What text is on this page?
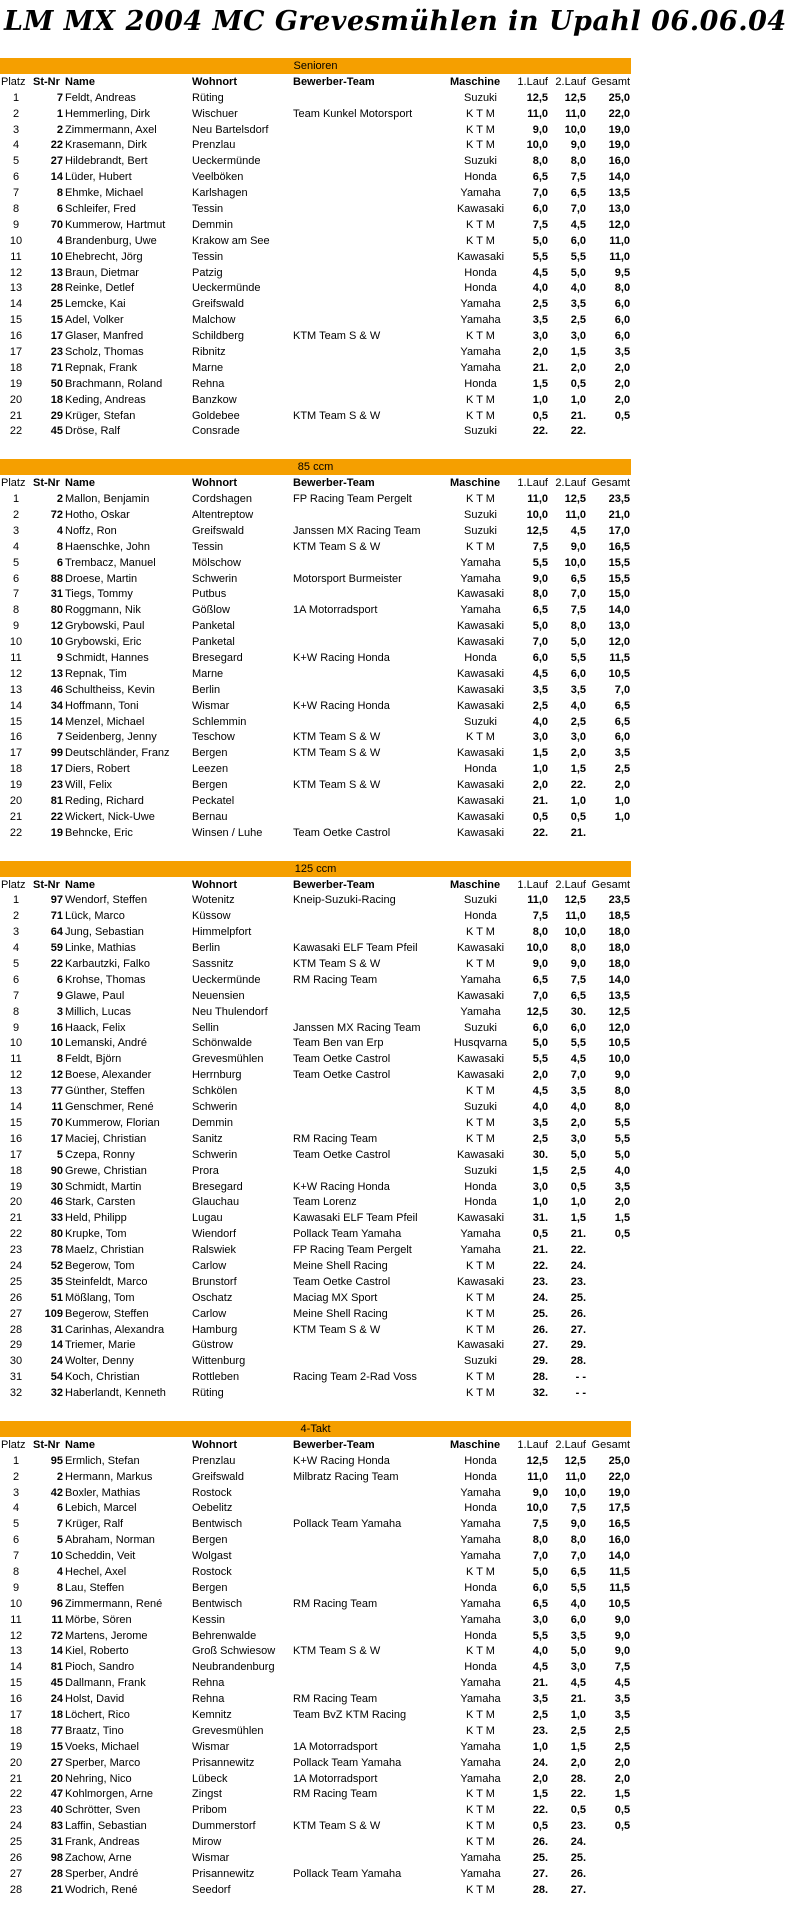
LM MX 2004 MC Grevesmühlen in Upahl 06.06.04
Senioren								
Platz	St-Nr	Name	Wohnort	Bewerber-Team	Maschine	1.Lauf	2.Lauf	Gesamt
1	7	Feldt, Andreas	Rüting		Suzuki	12,5	12,5	25,0
2	1	Hemmerling, Dirk	Wischuer	Team Kunkel Motorsport	K T M	11,0	11,0	22,0
3	2	Zimmermann, Axel	Neu Bartelsdorf		K T M	9,0	10,0	19,0
4	22	Krasemann, Dirk	Prenzlau		K T M	10,0	9,0	19,0
5	27	Hildebrandt, Bert	Ueckermünde		Suzuki	8,0	8,0	16,0
6	14	Lüder, Hubert	Veelböken		Honda	6,5	7,5	14,0
7	8	Ehmke, Michael	Karlshagen		Yamaha	7,0	6,5	13,5
8	6	Schleifer, Fred	Tessin		Kawasaki	6,0	7,0	13,0
9	70	Kummerow, Hartmut	Demmin		K T M	7,5	4,5	12,0
10	4	Brandenburg, Uwe	Krakow am See		K T M	5,0	6,0	11,0
11	10	Ehebrecht, Jörg	Tessin		Kawasaki	5,5	5,5	11,0
12	13	Braun, Dietmar	Patzig		Honda	4,5	5,0	9,5
13	28	Reinke, Detlef	Ueckermünde		Honda	4,0	4,0	8,0
14	25	Lemcke, Kai	Greifswald		Yamaha	2,5	3,5	6,0
15	15	Adel, Volker	Malchow		Yamaha	3,5	2,5	6,0
16	17	Glaser, Manfred	Schildberg	KTM Team S & W	K T M	3,0	3,0	6,0
17	23	Scholz, Thomas	Ribnitz		Yamaha	2,0	1,5	3,5
18	71	Repnak, Frank	Marne		Yamaha	21.	2,0	2,0
19	50	Brachmann, Roland	Rehna		Honda	1,5	0,5	2,0
20	18	Keding, Andreas	Banzkow		K T M	1,0	1,0	2,0
21	29	Krüger, Stefan	Goldebee	KTM Team S & W	K T M	0,5	21.	0,5
22	45	Dröse, Ralf	Consrade		Suzuki	22.	22.	

85 ccm								
Platz	St-Nr	Name	Wohnort	Bewerber-Team	Maschine	1.Lauf	2.Lauf	Gesamt
1	2	Mallon, Benjamin	Cordshagen	FP Racing Team Pergelt	K T M	11,0	12,5	23,5
2	72	Hotho, Oskar	Altentreptow		Suzuki	10,0	11,0	21,0
3	4	Noffz, Ron	Greifswald	Janssen MX Racing Team	Suzuki	12,5	4,5	17,0
4	8	Haenschke, John	Tessin	KTM Team S & W	K T M	7,5	9,0	16,5
5	6	Trembacz, Manuel	Mölschow		Yamaha	5,5	10,0	15,5
6	88	Droese, Martin	Schwerin	Motorsport Burmeister	Yamaha	9,0	6,5	15,5
7	31	Tiegs, Tommy	Putbus		Kawasaki	8,0	7,0	15,0
8	80	Roggmann, Nik	Gößlow	1A Motorradsport	Yamaha	6,5	7,5	14,0
9	12	Grybowski, Paul	Panketal		Kawasaki	5,0	8,0	13,0
10	10	Grybowski, Eric	Panketal		Kawasaki	7,0	5,0	12,0
11	9	Schmidt, Hannes	Bresegard	K+W Racing Honda	Honda	6,0	5,5	11,5
12	13	Repnak, Tim	Marne		Kawasaki	4,5	6,0	10,5
13	46	Schultheiss, Kevin	Berlin		Kawasaki	3,5	3,5	7,0
14	34	Hoffmann, Toni	Wismar	K+W Racing Honda	Kawasaki	2,5	4,0	6,5
15	14	Menzel, Michael	Schlemmin		Suzuki	4,0	2,5	6,5
16	7	Seidenberg, Jenny	Teschow	KTM Team S & W	K T M	3,0	3,0	6,0
17	99	Deutschländer, Franz	Bergen	KTM Team S & W	Kawasaki	1,5	2,0	3,5
18	17	Diers, Robert	Leezen		Honda	1,0	1,5	2,5
19	23	Will, Felix	Bergen	KTM Team S & W	Kawasaki	2,0	22.	2,0
20	81	Reding, Richard	Peckatel		Kawasaki	21.	1,0	1,0
21	22	Wickert, Nick-Uwe	Bernau		Kawasaki	0,5	0,5	1,0
22	19	Behncke, Eric	Winsen / Luhe	Team Oetke Castrol	Kawasaki	22.	21.	

125 ccm								
Platz	St-Nr	Name	Wohnort	Bewerber-Team	Maschine	1.Lauf	2.Lauf	Gesamt
1	97	Wendorf, Steffen	Wotenitz	Kneip-Suzuki-Racing	Suzuki	11,0	12,5	23,5
2	71	Lück, Marco	Küssow		Honda	7,5	11,0	18,5
3	64	Jung, Sebastian	Himmelpfort		K T M	8,0	10,0	18,0
4	59	Linke, Mathias	Berlin	Kawasaki ELF Team Pfeil	Kawasaki	10,0	8,0	18,0
5	22	Karbautzki, Falko	Sassnitz	KTM Team S & W	K T M	9,0	9,0	18,0
6	6	Krohse, Thomas	Ueckermünde	RM Racing Team	Yamaha	6,5	7,5	14,0
7	9	Glawe, Paul	Neuensien		Kawasaki	7,0	6,5	13,5
8	3	Millich, Lucas	Neu Thulendorf		Yamaha	12,5	30.	12,5
9	16	Haack, Felix	Sellin	Janssen MX Racing Team	Suzuki	6,0	6,0	12,0
10	10	Lemanski, André	Schönwalde	Team Ben van Erp	Husqvarna	5,0	5,5	10,5
11	8	Feldt, Björn	Grevesmühlen	Team Oetke Castrol	Kawasaki	5,5	4,5	10,0
12	12	Boese, Alexander	Herrnburg	Team Oetke Castrol	Kawasaki	2,0	7,0	9,0
13	77	Günther, Steffen	Schkölen		K T M	4,5	3,5	8,0
14	11	Genschmer, René	Schwerin		Suzuki	4,0	4,0	8,0
15	70	Kummerow, Florian	Demmin		K T M	3,5	2,0	5,5
16	17	Maciej, Christian	Sanitz	RM Racing Team	K T M	2,5	3,0	5,5
17	5	Czepa, Ronny	Schwerin	Team Oetke Castrol	Kawasaki	30.	5,0	5,0
18	90	Grewe, Christian	Prora		Suzuki	1,5	2,5	4,0
19	30	Schmidt, Martin	Bresegard	K+W Racing Honda	Honda	3,0	0,5	3,5
20	46	Stark, Carsten	Glauchau	Team Lorenz	Honda	1,0	1,0	2,0
21	33	Held, Philipp	Lugau	Kawasaki ELF Team Pfeil	Kawasaki	31.	1,5	1,5
22	80	Krupke, Tom	Wiendorf	Pollack Team Yamaha	Yamaha	0,5	21.	0,5
23	78	Maelz, Christian	Ralswiek	FP Racing Team Pergelt	Yamaha	21.	22.	
24	52	Begerow, Tom	Carlow	Meine Shell Racing	K T M	22.	24.	
25	35	Steinfeldt, Marco	Brunstorf	Team Oetke Castrol	Kawasaki	23.	23.	
26	51	Mößlang, Tom	Oschatz	Maciag MX Sport	K T M	24.	25.	
27	109	Begerow, Steffen	Carlow	Meine Shell Racing	K T M	25.	26.	
28	31	Carinhas, Alexandra	Hamburg	KTM Team S & W	K T M	26.	27.	
29	14	Triemer, Marie	Güstrow		Kawasaki	27.	29.	
30	24	Wolter, Denny	Wittenburg		Suzuki	29.	28.	
31	54	Koch, Christian	Rottleben	Racing Team 2-Rad Voss	K T M	28.	- -	
32	32	Haberlandt, Kenneth	Rüting		K T M	32.	- -	

4-Takt								
Platz	St-Nr	Name	Wohnort	Bewerber-Team	Maschine	1.Lauf	2.Lauf	Gesamt
1	95	Ermlich, Stefan	Prenzlau	K+W Racing Honda	Honda	12,5	12,5	25,0
2	2	Hermann, Markus	Greifswald	Milbratz Racing Team	Honda	11,0	11,0	22,0
3	42	Boxler, Mathias	Rostock		Yamaha	9,0	10,0	19,0
4	6	Lebich, Marcel	Oebelitz		Honda	10,0	7,5	17,5
5	7	Krüger, Ralf	Bentwisch	Pollack Team Yamaha	Yamaha	7,5	9,0	16,5
6	5	Abraham, Norman	Bergen		Yamaha	8,0	8,0	16,0
7	10	Scheddin, Veit	Wolgast		Yamaha	7,0	7,0	14,0
8	4	Hechel, Axel	Rostock		K T M	5,0	6,5	11,5
9	8	Lau, Steffen	Bergen		Honda	6,0	5,5	11,5
10	96	Zimmermann, René	Bentwisch	RM Racing Team	Yamaha	6,5	4,0	10,5
11	11	Mörbe, Sören	Kessin		Yamaha	3,0	6,0	9,0
12	72	Martens, Jerome	Behrenwalde		Honda	5,5	3,5	9,0
13	14	Kiel, Roberto	Groß Schwiesow	KTM Team S & W	K T M	4,0	5,0	9,0
14	81	Pioch, Sandro	Neubrandenburg		Honda	4,5	3,0	7,5
15	45	Dallmann, Frank	Rehna		Yamaha	21.	4,5	4,5
16	24	Holst, David	Rehna	RM Racing Team	Yamaha	3,5	21.	3,5
17	18	Löchert, Rico	Kemnitz	Team BvZ KTM Racing	K T M	2,5	1,0	3,5
18	77	Braatz, Tino	Grevesmühlen		K T M	23.	2,5	2,5
19	15	Voeks, Michael	Wismar	1A Motorradsport	Yamaha	1,0	1,5	2,5
20	27	Sperber, Marco	Prisannewitz	Pollack Team Yamaha	Yamaha	24.	2,0	2,0
21	20	Nehring, Nico	Lübeck	1A Motorradsport	Yamaha	2,0	28.	2,0
22	47	Kohlmorgen, Arne	Zingst	RM Racing Team	K T M	1,5	22.	1,5
23	40	Schrötter, Sven	Pribom		K T M	22.	0,5	0,5
24	83	Laffin, Sebastian	Dummerstorf	KTM Team S & W	K T M	0,5	23.	0,5
25	31	Frank, Andreas	Mirow		K T M	26.	24.	
26	98	Zachow, Arne	Wismar		Yamaha	25.	25.	
27	28	Sperber, André	Prisannewitz	Pollack Team Yamaha	Yamaha	27.	26.	
28	21	Wodrich, René	Seedorf		K T M	28.	27.	
